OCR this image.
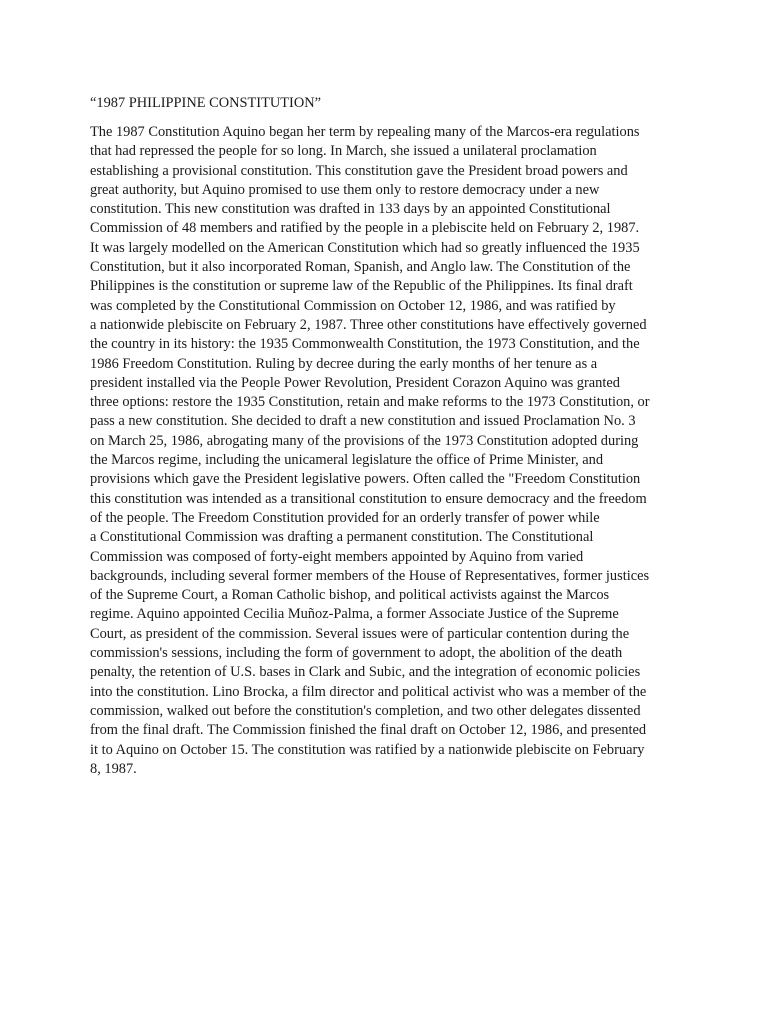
“1987 PHILIPPINE CONSTITUTION”
The 1987 Constitution Aquino began her term by repealing many of the Marcos-era regulations
that had repressed the people for so long. In March, she issued a unilateral proclamation
establishing a provisional constitution. This constitution gave the President broad powers and
great authority, but Aquino promised to use them only to restore democracy under a new
constitution. This new constitution was drafted in 133 days by an appointed Constitutional
Commission of 48 members and ratified by the people in a plebiscite held on February 2, 1987.
It was largely modelled on the American Constitution which had so greatly influenced the 1935
Constitution, but it also incorporated Roman, Spanish, and Anglo law. The Constitution of the
Philippines is the constitution or supreme law of the Republic of the Philippines. Its final draft
was completed by the Constitutional Commission on October 12, 1986, and was ratified by
a nationwide plebiscite on February 2, 1987. Three other constitutions have effectively governed
the country in its history: the 1935 Commonwealth Constitution, the 1973 Constitution, and the
1986 Freedom Constitution. Ruling by decree during the early months of her tenure as a
president installed via the People Power Revolution, President Corazon Aquino was granted
three options: restore the 1935 Constitution, retain and make reforms to the 1973 Constitution, or
pass a new constitution. She decided to draft a new constitution and issued Proclamation No. 3
on March 25, 1986, abrogating many of the provisions of the 1973 Constitution adopted during
the Marcos regime, including the unicameral legislature the office of Prime Minister, and
provisions which gave the President legislative powers. Often called the "Freedom Constitution
this constitution was intended as a transitional constitution to ensure democracy and the freedom
of the people. The Freedom Constitution provided for an orderly transfer of power while
a Constitutional Commission was drafting a permanent constitution. The Constitutional
Commission was composed of forty-eight members appointed by Aquino from varied
backgrounds, including several former members of the House of Representatives, former justices
of the Supreme Court, a Roman Catholic bishop, and political activists against the Marcos
regime. Aquino appointed Cecilia Muñoz-Palma, a former Associate Justice of the Supreme
Court, as president of the commission. Several issues were of particular contention during the
commission's sessions, including the form of government to adopt, the abolition of the death
penalty, the retention of U.S. bases in Clark and Subic, and the integration of economic policies
into the constitution. Lino Brocka, a film director and political activist who was a member of the
commission, walked out before the constitution's completion, and two other delegates dissented
from the final draft. The Commission finished the final draft on October 12, 1986, and presented
it to Aquino on October 15. The constitution was ratified by a nationwide plebiscite on February
8, 1987.
